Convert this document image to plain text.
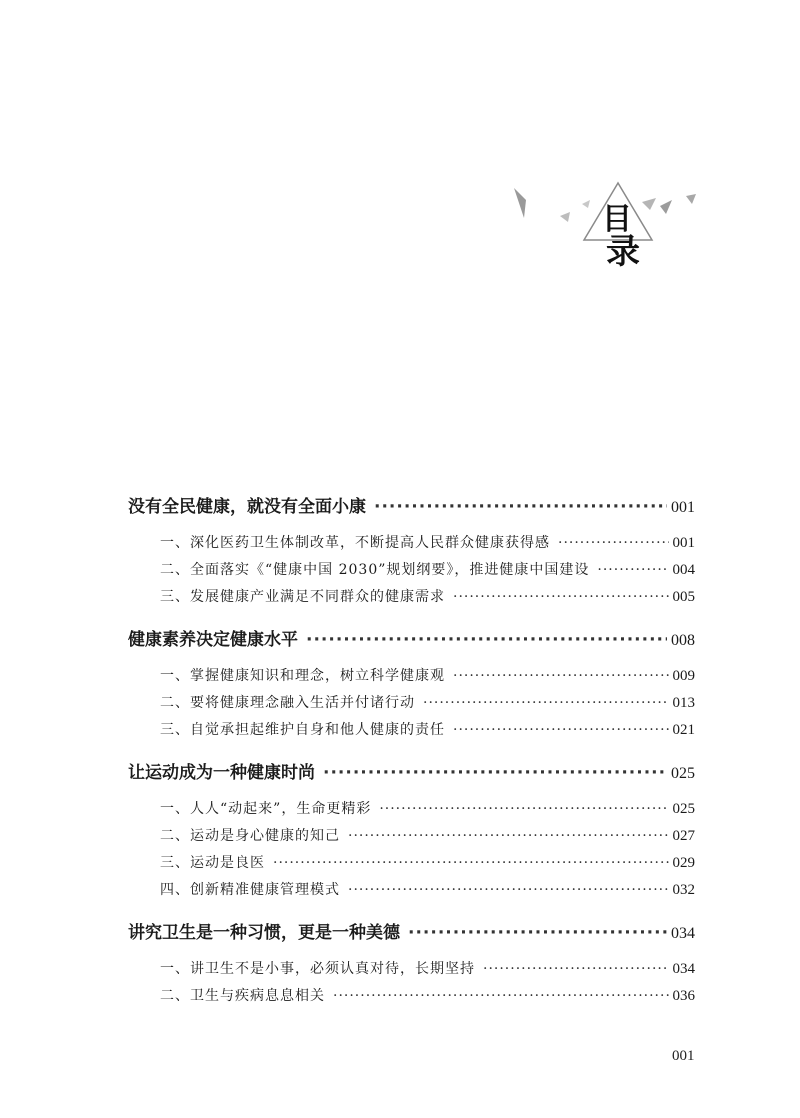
目
录
没有全民健康，就没有全面小康 ·····	001
一、深化医药卫生体制改革，不断提高人民群众健康获得感 ·····	001
二、全面落实《“健康中国 2030”规划纲要》，推进健康中国建设 ·····	004
三、发展健康产业满足不同群众的健康需求 ·····	005
健康素养决定健康水平 ·····	008
一、掌握健康知识和理念，树立科学健康观 ·····	009
二、要将健康理念融入生活并付诸行动 ·····	013
三、自觉承担起维护自身和他人健康的责任 ·····	021
让运动成为一种健康时尚 ·····	025
一、人人“动起来”，生命更精彩 ·····	025
二、运动是身心健康的知己 ·····	027
三、运动是良医 ·····	029
四、创新精准健康管理模式 ·····	032
讲究卫生是一种习惯，更是一种美德 ·····	034
一、讲卫生不是小事，必须认真对待，长期坚持 ·····	034
二、卫生与疾病息息相关 ·····	036
001
